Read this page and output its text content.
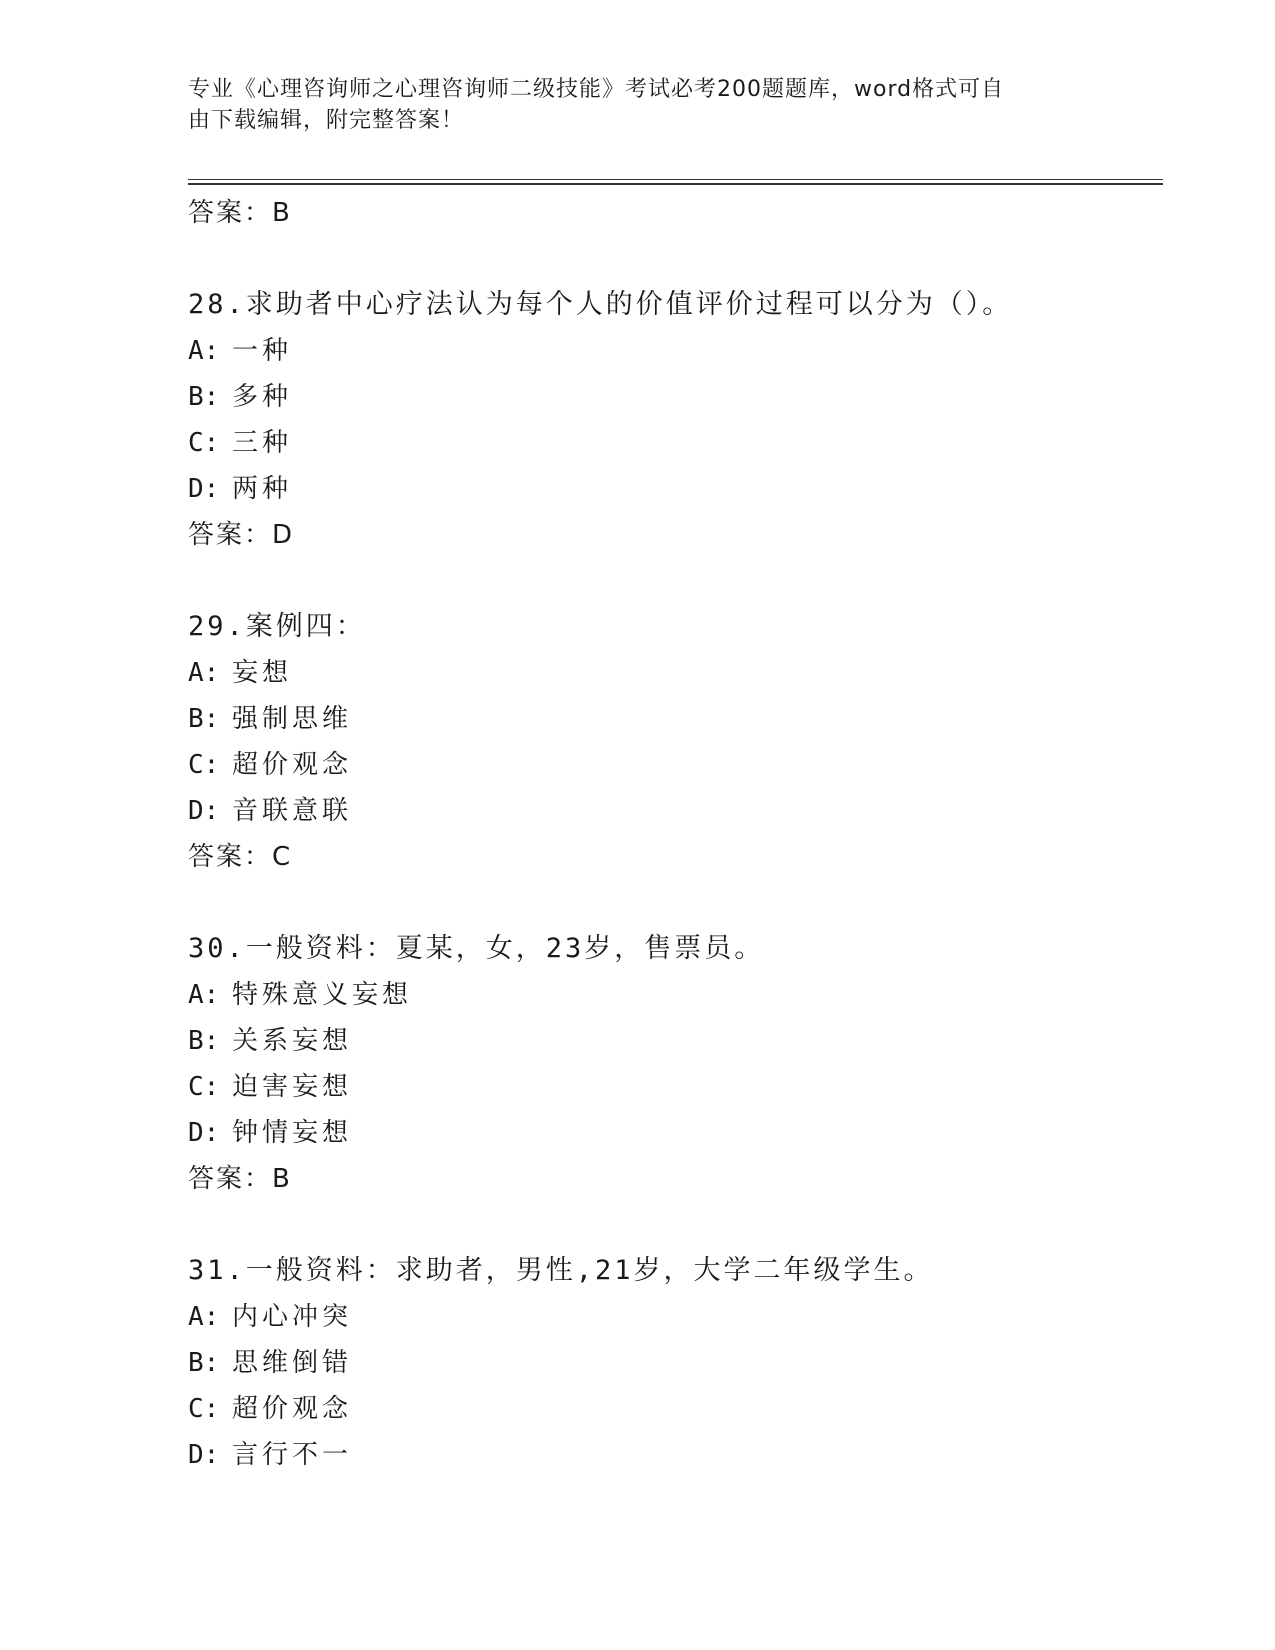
专业《心理咨询师之心理咨询师二级技能》考试必考200题题库，word格式可自
由下载编辑，附完整答案！
答案：B
28.求助者中心疗法认为每个人的价值评价过程可以分为（）。
A: 一种
B: 多种
C: 三种
D: 两种
答案：D
29.案例四：
A: 妄想
B: 强制思维
C: 超价观念
D: 音联意联
答案：C
30.一般资料：夏某，女，23岁，售票员。
A: 特殊意义妄想
B: 关系妄想
C: 迫害妄想
D: 钟情妄想
答案：B
31.一般资料：求助者，男性,21岁，大学二年级学生。
A: 内心冲突
B: 思维倒错
C: 超价观念
D: 言行不一
